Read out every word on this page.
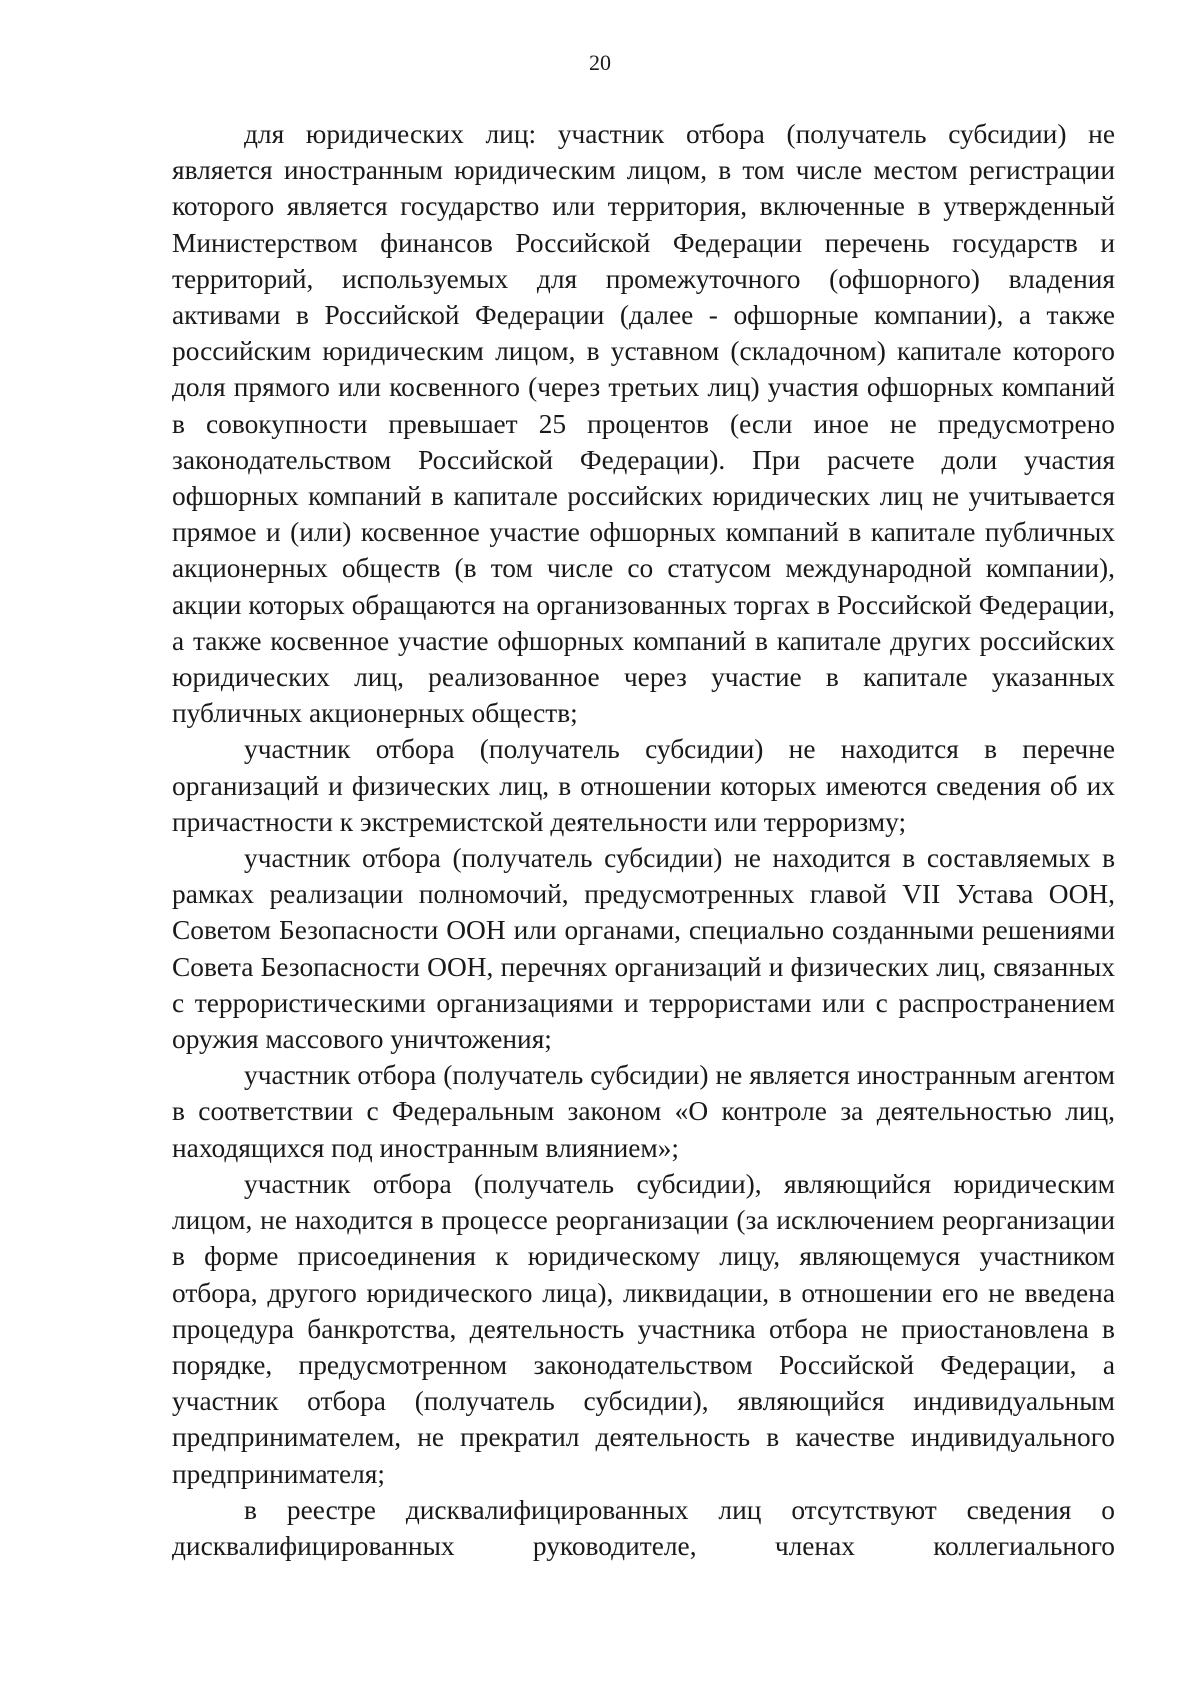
20

для юридических лиц: участник отбора (получатель субсидии) не является иностранным юридическим лицом, в том числе местом регистрации которого является государство или территория, включенные в утвержденный Министерством финансов Российской Федерации перечень государств и территорий, используемых для промежуточного (офшорного) владения активами в Российской Федерации (далее - офшорные компании), а также российским юридическим лицом, в уставном (складочном) капитале которого доля прямого или косвенного (через третьих лиц) участия офшорных компаний в совокупности превышает 25 процентов (если иное не предусмотрено законодательством Российской Федерации). При расчете доли участия офшорных компаний в капитале российских юридических лиц не учитывается прямое и (или) косвенное участие офшорных компаний в капитале публичных акционерных обществ (в том числе со статусом международной компании), акции которых обращаются на организованных торгах в Российской Федерации, а также косвенное участие офшорных компаний в капитале других российских юридических лиц, реализованное через участие в капитале указанных публичных акционерных обществ;

участник отбора (получатель субсидии) не находится в перечне организаций и физических лиц, в отношении которых имеются сведения об их причастности к экстремистской деятельности или терроризму;

участник отбора (получатель субсидии) не находится в составляемых в рамках реализации полномочий, предусмотренных главой VII Устава ООН, Советом Безопасности ООН или органами, специально созданными решениями Совета Безопасности ООН, перечнях организаций и физических лиц, связанных с террористическими организациями и террористами или с распространением оружия массового уничтожения;

участник отбора (получатель субсидии) не является иностранным агентом в соответствии с Федеральным законом «О контроле за деятельностью лиц, находящихся под иностранным влиянием»;

участник отбора (получатель субсидии), являющийся юридическим лицом, не находится в процессе реорганизации (за исключением реорганизации в форме присоединения к юридическому лицу, являющемуся участником отбора, другого юридического лица), ликвидации, в отношении его не введена процедура банкротства, деятельность участника отбора не приостановлена в порядке, предусмотренном законодательством Российской Федерации, а участник отбора (получатель субсидии), являющийся индивидуальным предпринимателем, не прекратил деятельность в качестве индивидуального предпринимателя;

в реестре дисквалифицированных лиц отсутствуют сведения о дисквалифицированных руководителе, членах коллегиального
